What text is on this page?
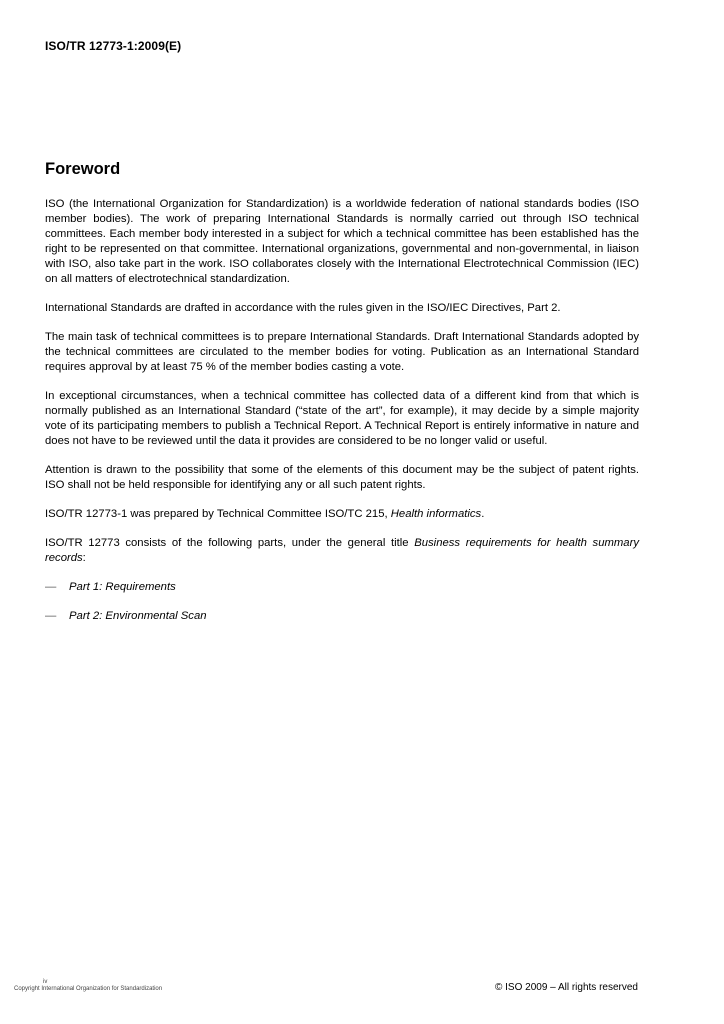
ISO/TR 12773-1:2009(E)
Foreword

ISO (the International Organization for Standardization) is a worldwide federation of national standards bodies (ISO member bodies). The work of preparing International Standards is normally carried out through ISO technical committees. Each member body interested in a subject for which a technical committee has been established has the right to be represented on that committee. International organizations, governmental and non-governmental, in liaison with ISO, also take part in the work. ISO collaborates closely with the International Electrotechnical Commission (IEC) on all matters of electrotechnical standardization.

International Standards are drafted in accordance with the rules given in the ISO/IEC Directives, Part 2.

The main task of technical committees is to prepare International Standards. Draft International Standards adopted by the technical committees are circulated to the member bodies for voting. Publication as an International Standard requires approval by at least 75 % of the member bodies casting a vote.

In exceptional circumstances, when a technical committee has collected data of a different kind from that which is normally published as an International Standard (“state of the art”, for example), it may decide by a simple majority vote of its participating members to publish a Technical Report. A Technical Report is entirely informative in nature and does not have to be reviewed until the data it provides are considered to be no longer valid or useful.

Attention is drawn to the possibility that some of the elements of this document may be the subject of patent rights. ISO shall not be held responsible for identifying any or all such patent rights.

ISO/TR 12773-1 was prepared by Technical Committee ISO/TC 215, Health informatics.

ISO/TR 12773 consists of the following parts, under the general title Business requirements for health summary records:

—	Part 1: Requirements
—	Part 2: Environmental Scan
iv
Copyright International Organization for Standardization	© ISO 2009 – All rights reserved
